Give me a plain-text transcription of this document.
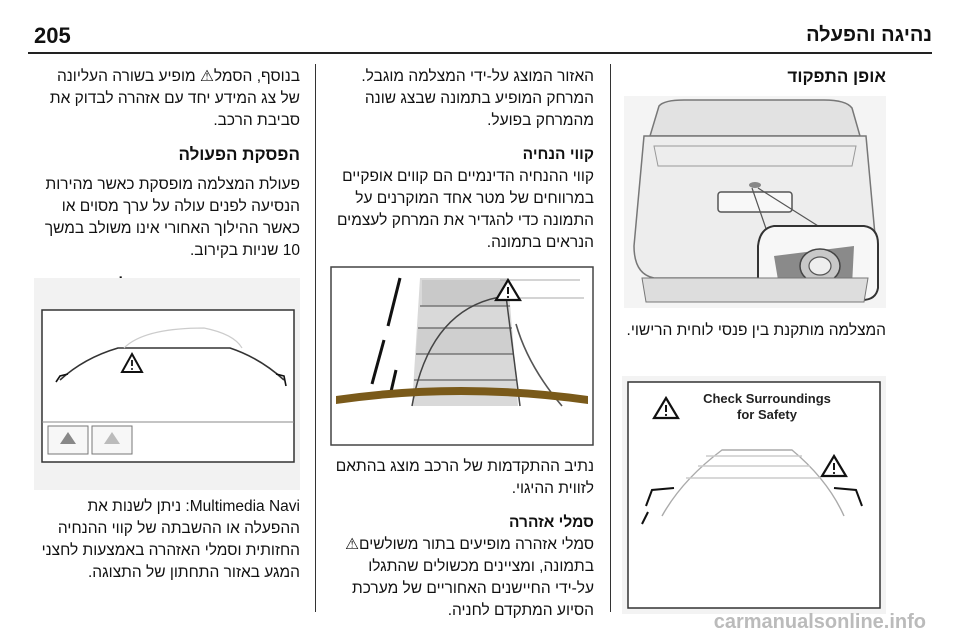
205	נהיגה והפעלה
אופן התפקוד

המצלמה מותקנת בין פנסי לוחית הרישוי.

Check Surroundings
for Safety

האזור המוצג על-ידי המצלמה מוגבל. המרחק המופיע בתמונה שבצג שונה מהמרחק בפועל.

קווי הנחיה

קווי ההנחיה הדינמיים הם קווים אופקיים במרווחים של מטר אחד המוקרנים על התמונה כדי להגדיר את המרחק לעצמים הנראים בתמונה.

נתיב ההתקדמות של הרכב מוצג בהתאם לזווית ההיגוי.

סמלי אזהרה

סמלי אזהרה מופיעים בתור משולשים⚠ בתמונה, ומציינים מכשולים שהתגלו על-ידי החיישנים האחוריים של מערכת הסיוע המתקדם לחניה.

בנוסף, הסמל⚠ מופיע בשורה העליונה של צג המידע יחד עם אזהרה לבדוק את סביבת הרכב.

הפסקת הפעולה

פעולת המצלמה מופסקת כאשר מהירות הנסיעה לפנים עולה על ערך מסוים או כאשר ההילוך האחורי אינו משולב במשך 10 שניות בקירוב.

Multimedia Navi: ניתן לשנות את ההפעלה או ההשבתה של קווי ההנחיה החזותית וסמלי האזהרה באמצעות לחצני המגע באזור התחתון של התצוגה.

carmanualsonline.info
